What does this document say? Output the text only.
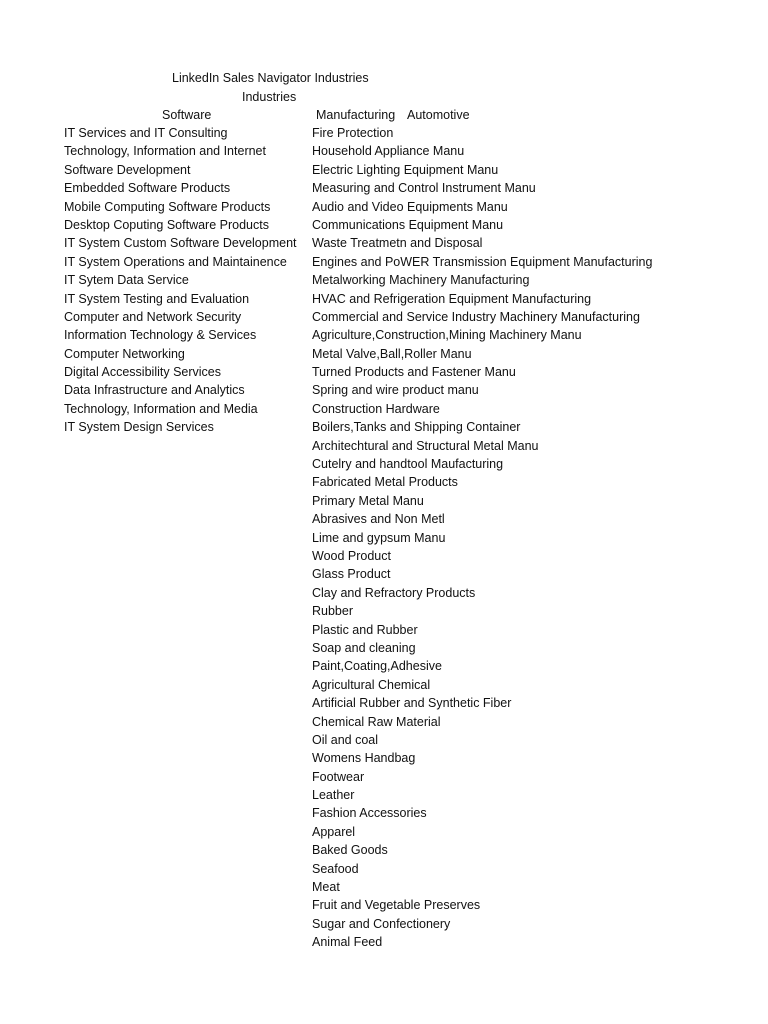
LinkedIn Sales Navigator Industries
Industries
Software	Manufacturing Automotive
IT Services and IT Consulting
Technology, Information and Internet
Software Development
Embedded Software Products
Mobile Computing Software Products
Desktop Coputing Software Products
IT System Custom Software Development
IT System Operations and Maintainence
IT Sytem Data Service
IT System Testing and Evaluation
Computer and Network Security
Information Technology & Services
Computer Networking
Digital Accessibility Services
Data Infrastructure and Analytics
Technology, Information and Media
IT System Design Services
Fire Protection
Household Appliance Manu
Electric Lighting Equipment Manu
Measuring and Control Instrument Manu
Audio and Video Equipments Manu
Communications Equipment Manu
Waste Treatmetn and Disposal
Engines and PoWER Transmission Equipment Manufacturing
Metalworking Machinery Manufacturing
HVAC and Refrigeration Equipment Manufacturing
Commercial and Service Industry Machinery Manufacturing
Agriculture,Construction,Mining Machinery Manu
Metal Valve,Ball,Roller Manu
Turned Products and Fastener Manu
Spring and wire product manu
Construction Hardware
Boilers,Tanks and Shipping Container
Architechtural and Structural Metal Manu
Cutelry and handtool Maufacturing
Fabricated Metal Products
Primary Metal Manu
Abrasives and Non Metl
Lime and gypsum Manu
Wood Product
Glass Product
Clay and Refractory Products
Rubber
Plastic and Rubber
Soap and cleaning
Paint,Coating,Adhesive
Agricultural Chemical
Artificial Rubber and Synthetic Fiber
Chemical Raw Material
Oil and coal
Womens Handbag
Footwear
Leather
Fashion Accessories
Apparel
Baked Goods
Seafood
Meat
Fruit and Vegetable Preserves
Sugar and Confectionery
Animal Feed
